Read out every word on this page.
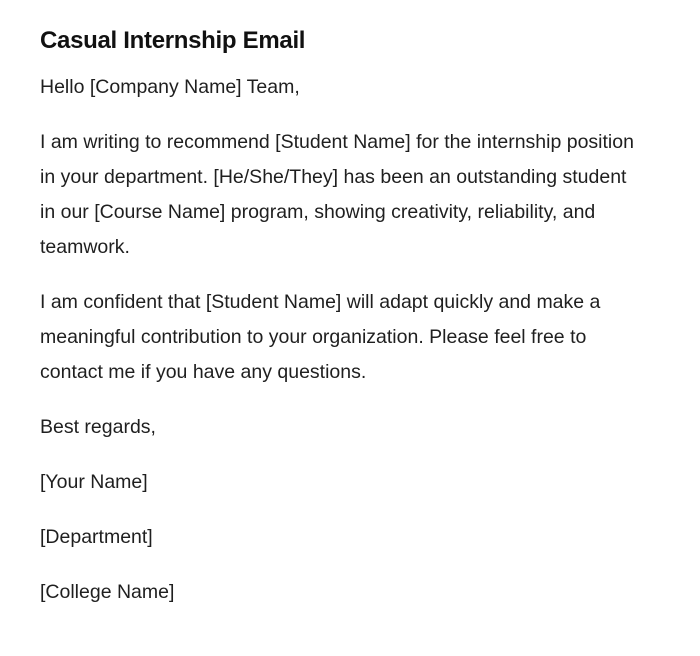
Casual Internship Email

Hello [Company Name] Team,

I am writing to recommend [Student Name] for the internship position in your department. [He/She/They] has been an outstanding student in our [Course Name] program, showing creativity, reliability, and teamwork.

I am confident that [Student Name] will adapt quickly and make a meaningful contribution to your organization. Please feel free to contact me if you have any questions.

Best regards,

[Your Name]

[Department]

[College Name]
